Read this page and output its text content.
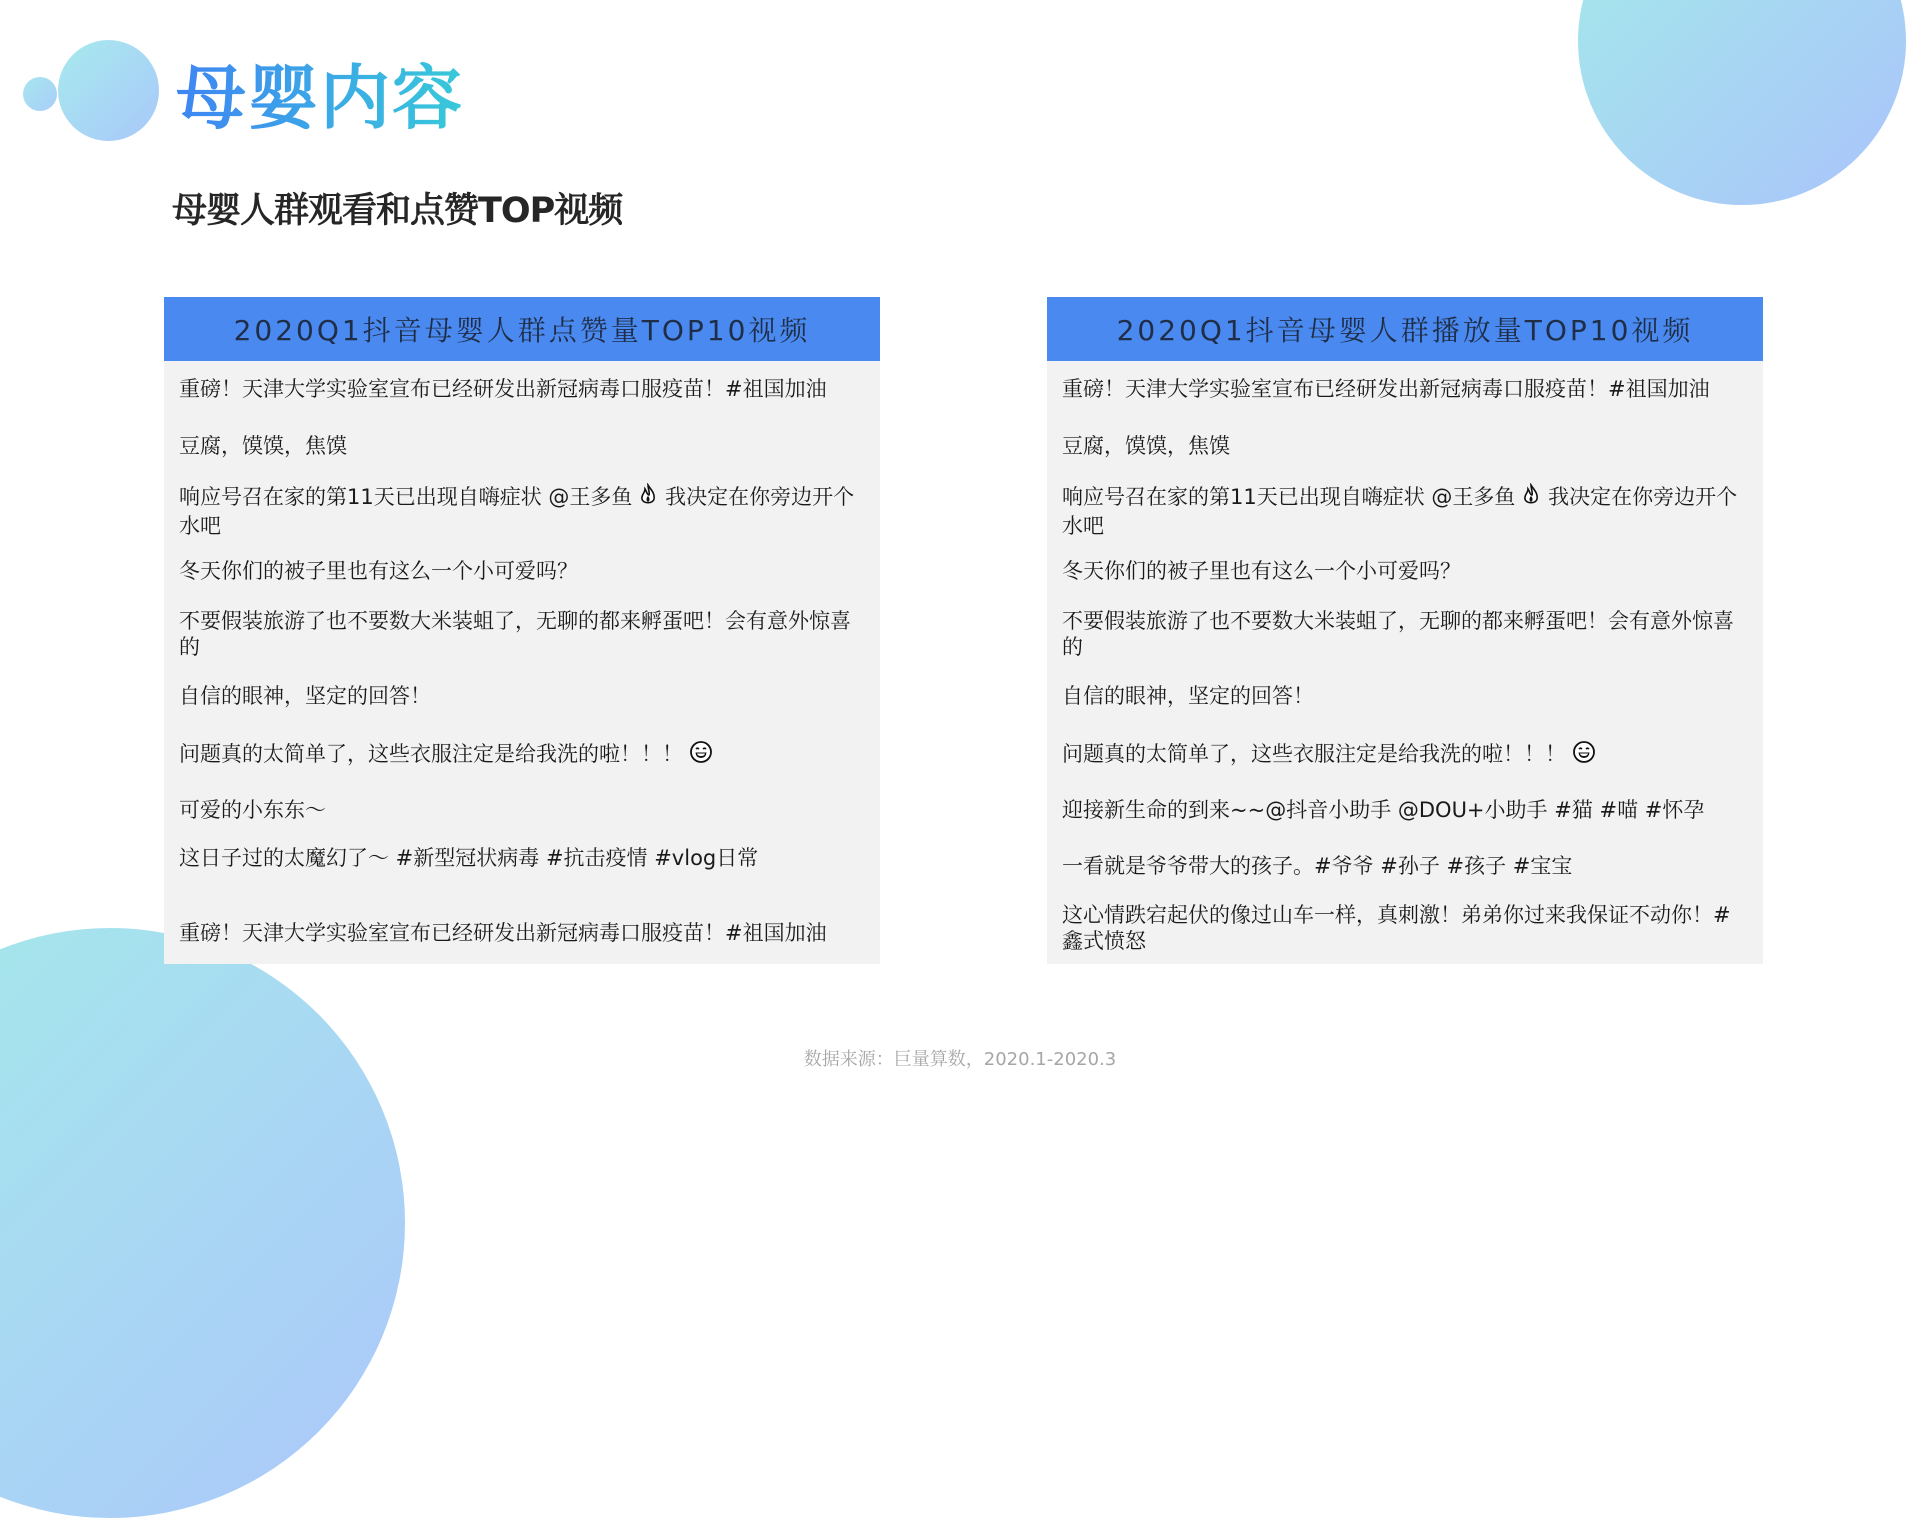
母婴内容
母婴人群观看和点赞TOP视频
2020Q1抖音母婴人群点赞量TOP10视频
重磅！天津大学实验室宣布已经研发出新冠病毒口服疫苗！#祖国加油
豆腐，馍馍，焦馍
响应号召在家的第11天已出现自嗨症状 @王多鱼 我决定在你旁边开个水吧
冬天你们的被子里也有这么一个小可爱吗？
不要假装旅游了也不要数大米装蛆了，无聊的都来孵蛋吧！会有意外惊喜的
自信的眼神，坚定的回答！
问题真的太简单了，这些衣服注定是给我洗的啦！！！
可爱的小东东～
这日子过的太魔幻了～ #新型冠状病毒 #抗击疫情 #vlog日常
重磅！天津大学实验室宣布已经研发出新冠病毒口服疫苗！#祖国加油
2020Q1抖音母婴人群播放量TOP10视频
重磅！天津大学实验室宣布已经研发出新冠病毒口服疫苗！#祖国加油
豆腐，馍馍，焦馍
响应号召在家的第11天已出现自嗨症状 @王多鱼 我决定在你旁边开个水吧
冬天你们的被子里也有这么一个小可爱吗？
不要假装旅游了也不要数大米装蛆了，无聊的都来孵蛋吧！会有意外惊喜的
自信的眼神，坚定的回答！
问题真的太简单了，这些衣服注定是给我洗的啦！！！
迎接新生命的到来~~@抖音小助手 @DOU+小助手 #猫 #喵 #怀孕
一看就是爷爷带大的孩子。#爷爷 #孙子 #孩子 #宝宝
这心情跌宕起伏的像过山车一样，真刺激！弟弟你过来我保证不动你！#鑫式愤怒
数据来源：巨量算数，2020.1-2020.3
